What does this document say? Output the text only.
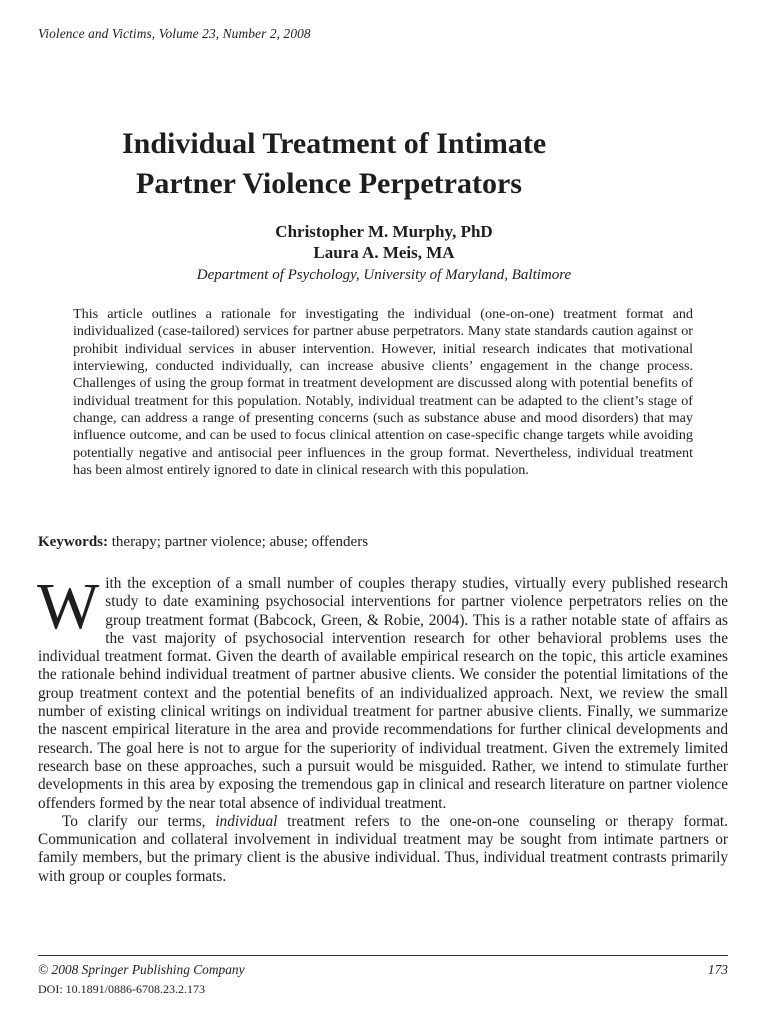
Violence and Victims, Volume 23, Number 2, 2008
Individual Treatment of Intimate
Partner Violence Perpetrators
Christopher M. Murphy, PhD
Laura A. Meis, MA
Department of Psychology, University of Maryland, Baltimore

This article outlines a rationale for investigating the individual (one-on-one) treatment format and individualized (case-tailored) services for partner abuse perpetrators. Many state standards caution against or prohibit individual services in abuser intervention. However, initial research indicates that motivational interviewing, conducted individually, can increase abusive clients’ engagement in the change process. Challenges of using the group format in treatment development are discussed along with potential benefits of individual treatment for this population. Notably, individual treatment can be adapted to the client’s stage of change, can address a range of presenting concerns (such as substance abuse and mood disorders) that may influence outcome, and can be used to focus clinical attention on case-specific change targets while avoiding potentially negative and antisocial peer influences in the group format. Nevertheless, individual treatment has been almost entirely ignored to date in clinical research with this population.

Keywords: therapy; partner violence; abuse; offenders

With the exception of a small number of couples therapy studies, virtually every published research study to date examining psychosocial interventions for partner violence perpetrators relies on the group treatment format (Babcock, Green, & Robie, 2004). This is a rather notable state of affairs as the vast majority of psychosocial intervention research for other behavioral problems uses the individual treatment format. Given the dearth of available empirical research on the topic, this article examines the rationale behind individual treatment of partner abusive clients. We consider the potential limitations of the group treatment context and the potential benefits of an individualized approach. Next, we review the small number of existing clinical writings on individual treatment for partner abusive clients. Finally, we summarize the nascent empirical literature in the area and provide recommendations for further clinical developments and research. The goal here is not to argue for the superiority of individual treatment. Given the extremely limited research base on these approaches, such a pursuit would be misguided. Rather, we intend to stimulate further developments in this area by exposing the tremendous gap in clinical and research literature on partner violence offenders formed by the near total absence of individual treatment.

To clarify our terms, individual treatment refers to the one-on-one counseling or therapy format. Communication and collateral involvement in individual treatment may be sought from intimate partners or family members, but the primary client is the abusive individual. Thus, individual treatment contrasts primarily with group or couples formats.

© 2008 Springer Publishing Company	173
DOI: 10.1891/0886-6708.23.2.173
